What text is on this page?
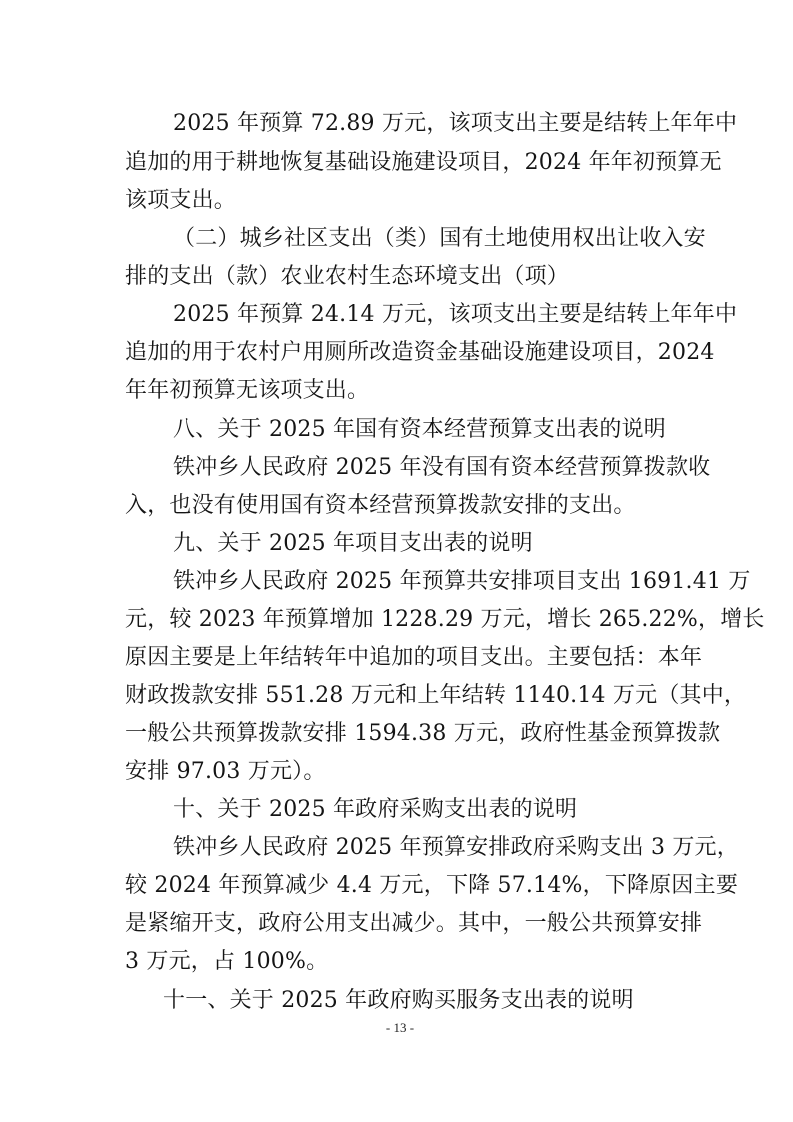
2025 年预算 72.89 万元，该项支出主要是结转上年年中
追加的用于耕地恢复基础设施建设项目，2024 年年初预算无
该项支出。
（二）城乡社区支出（类）国有土地使用权出让收入安
排的支出（款）农业农村生态环境支出（项）
2025 年预算 24.14 万元，该项支出主要是结转上年年中
追加的用于农村户用厕所改造资金基础设施建设项目，2024
年年初预算无该项支出。
八、关于 2025 年国有资本经营预算支出表的说明
铁冲乡人民政府 2025 年没有国有资本经营预算拨款收
入，也没有使用国有资本经营预算拨款安排的支出。
九、关于 2025 年项目支出表的说明
铁冲乡人民政府 2025 年预算共安排项目支出 1691.41 万
元，较 2023 年预算增加 1228.29 万元，增长 265.22%，增长
原因主要是上年结转年中追加的项目支出。主要包括：本年
财政拨款安排 551.28 万元和上年结转 1140.14 万元（其中，
一般公共预算拨款安排 1594.38 万元，政府性基金预算拨款
安排 97.03 万元）。
十、关于 2025 年政府采购支出表的说明
铁冲乡人民政府 2025 年预算安排政府采购支出 3 万元，
较 2024 年预算减少 4.4 万元，下降 57.14%，下降原因主要
是紧缩开支，政府公用支出减少。其中，一般公共预算安排
3 万元，占 100%。
十一、关于 2025 年政府购买服务支出表的说明
- 13 -
